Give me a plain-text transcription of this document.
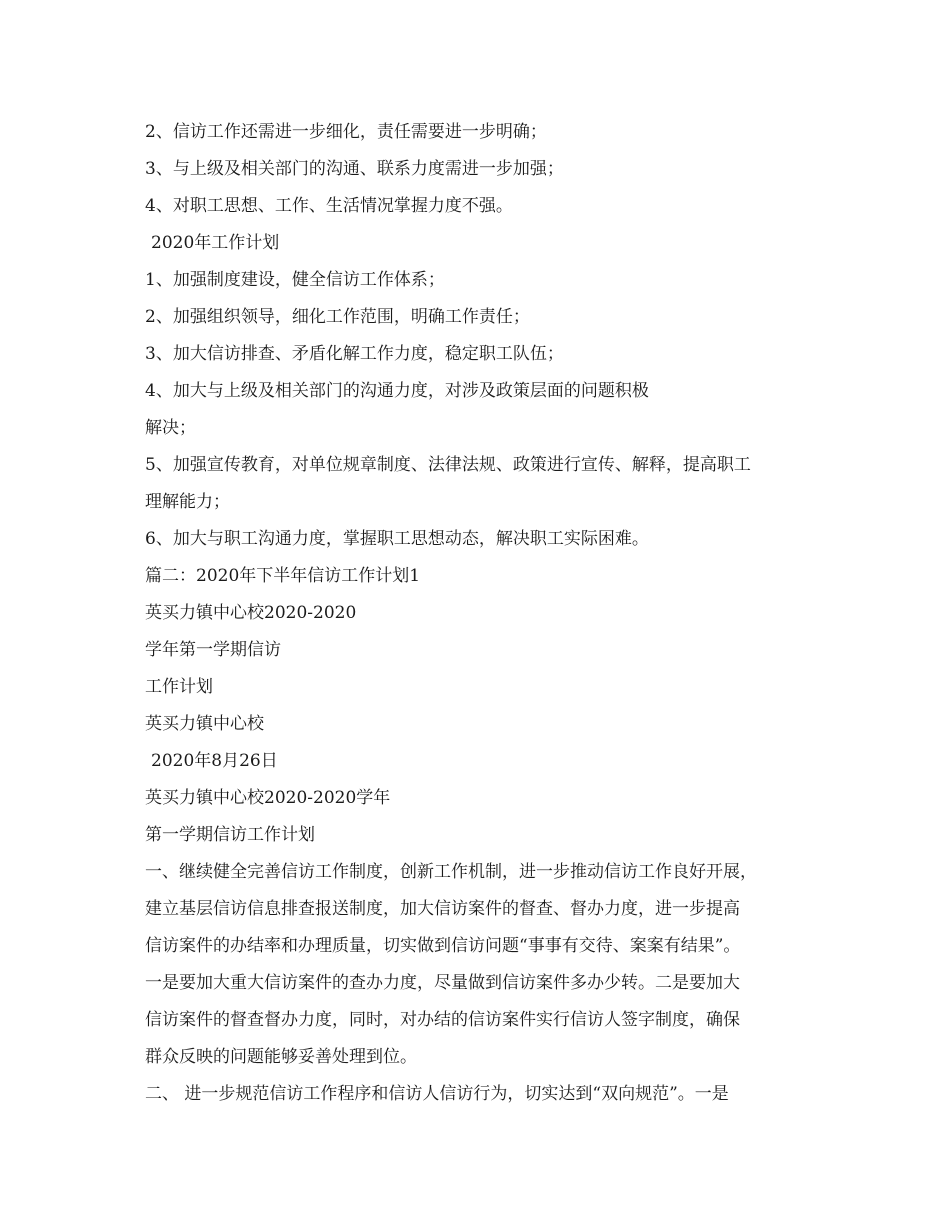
2、信访工作还需进一步细化，责任需要进一步明确；
3、与上级及相关部门的沟通、联系力度需进一步加强；
4、对职工思想、工作、生活情况掌握力度不强。
2020年工作计划
1、加强制度建设，健全信访工作体系；
2、加强组织领导，细化工作范围，明确工作责任；
3、加大信访排查、矛盾化解工作力度，稳定职工队伍；
4、加大与上级及相关部门的沟通力度，对涉及政策层面的问题积极
解决；
5、加强宣传教育，对单位规章制度、法律法规、政策进行宣传、解释，提高职工
理解能力；
6、加大与职工沟通力度，掌握职工思想动态，解决职工实际困难。
篇二：2020年下半年信访工作计划1
英买力镇中心校2020-2020
学年第一学期信访
工作计划
英买力镇中心校
2020年8月26日
英买力镇中心校2020-2020学年
第一学期信访工作计划
一、继续健全完善信访工作制度，创新工作机制，进一步推动信访工作良好开展，
建立基层信访信息排查报送制度，加大信访案件的督查、督办力度，进一步提高
信访案件的办结率和办理质量，切实做到信访问题“事事有交待、案案有结果”。
一是要加大重大信访案件的查办力度，尽量做到信访案件多办少转。二是要加大
信访案件的督查督办力度，同时，对办结的信访案件实行信访人签字制度，确保
群众反映的问题能够妥善处理到位。
二、 进一步规范信访工作程序和信访人信访行为，切实达到“双向规范”。一是
